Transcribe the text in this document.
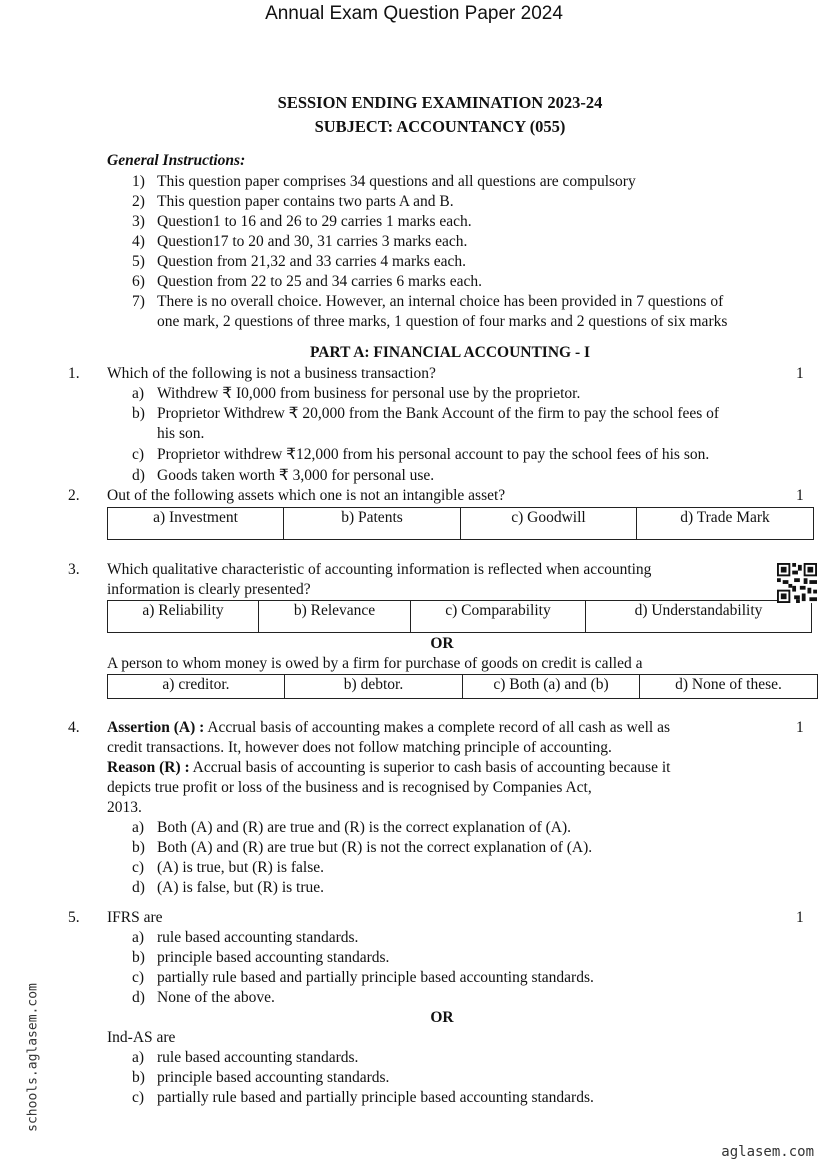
Annual Exam Question Paper 2024
SESSION ENDING EXAMINATION 2023-24
SUBJECT: ACCOUNTANCY (055)
General Instructions:
1) This question paper comprises 34 questions and all questions are compulsory
2) This question paper contains two parts A and B.
3) Question1 to 16 and 26 to 29 carries 1 marks each.
4) Question17 to 20 and 30, 31 carries 3 marks each.
5) Question from 21,32 and 33 carries 4 marks each.
6) Question from 22 to 25 and 34 carries 6 marks each.
7) There is no overall choice. However, an internal choice has been provided in 7 questions of
one mark, 2 questions of three marks, 1 question of four marks and 2 questions of six marks
PART A: FINANCIAL ACCOUNTING - I
1. Which of the following is not a business transaction?	1
a) Withdrew ₹ I0,000 from business for personal use by the proprietor.
b) Proprietor Withdrew ₹ 20,000 from the Bank Account of the firm to pay the school fees of
his son.
c) Proprietor withdrew ₹12,000 from his personal account to pay the school fees of his son.
d) Goods taken worth ₹ 3,000 for personal use.
2. Out of the following assets which one is not an intangible asset?	1
a) Investment	b) Patents	c) Goodwill	d) Trade Mark
3. Which qualitative characteristic of accounting information is reflected when accounting
information is clearly presented?
a) Reliability	b) Relevance	c) Comparability	d) Understandability
OR
A person to whom money is owed by a firm for purchase of goods on credit is called a
a) creditor.	b) debtor.	c) Both (a) and (b)	d) None of these.
4. Assertion (A) : Accrual basis of accounting makes a complete record of all cash as well as	1
credit transactions. It, however does not follow matching principle of accounting.
Reason (R) : Accrual basis of accounting is superior to cash basis of accounting because it
depicts true profit or loss of the business and is recognised by Companies Act,
2013.
a) Both (A) and (R) are true and (R) is the correct explanation of (A).
b) Both (A) and (R) are true but (R) is not the correct explanation of (A).
c) (A) is true, but (R) is false.
d) (A) is false, but (R) is true.
5. IFRS are	1
a) rule based accounting standards.
b) principle based accounting standards.
c) partially rule based and partially principle based accounting standards.
d) None of the above.
OR
Ind-AS are
a) rule based accounting standards.
b) principle based accounting standards.
c) partially rule based and partially principle based accounting standards.
schools.aglasem.com
aglasem.com
